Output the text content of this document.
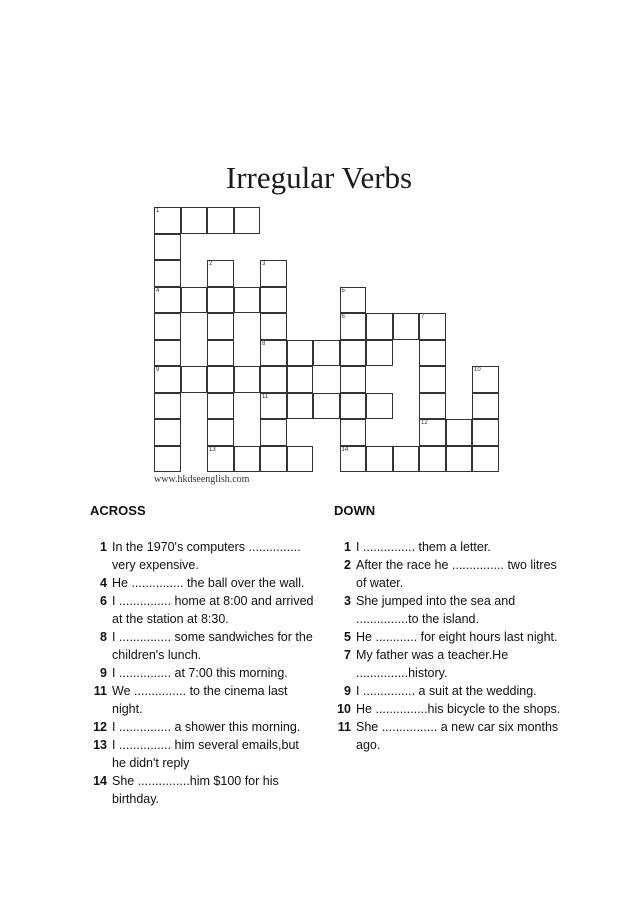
Irregular Verbs
1
4
9
2
13
3
8
5
6	7
12
10
11
14
www.hkdseenglish.com
ACROSS	DOWN
1 In the 1970's computers ............... very expensive.
4 He ............... the ball over the wall.
6 I ............... home at 8:00 and arrived at the station at 8:30.
8 I ............... some sandwiches for the children's lunch.
9 I ............... at 7:00 this morning.
11 We ............... to the cinema last night.
12 I ............... a shower this morning.
13 I ............... him several emails,but he didn't reply
14 She ...............him $100 for his birthday.
1 I ............... them a letter.
2 After the race he ............... two litres of water.
3 She jumped into the sea and ...............to the island.
5 He ............ for eight hours last night.
7 My father was a teacher.He ...............history.
9 I ............... a suit at the wedding.
10 He ...............his bicycle to the shops.
11 She ................ a new car six months ago.
